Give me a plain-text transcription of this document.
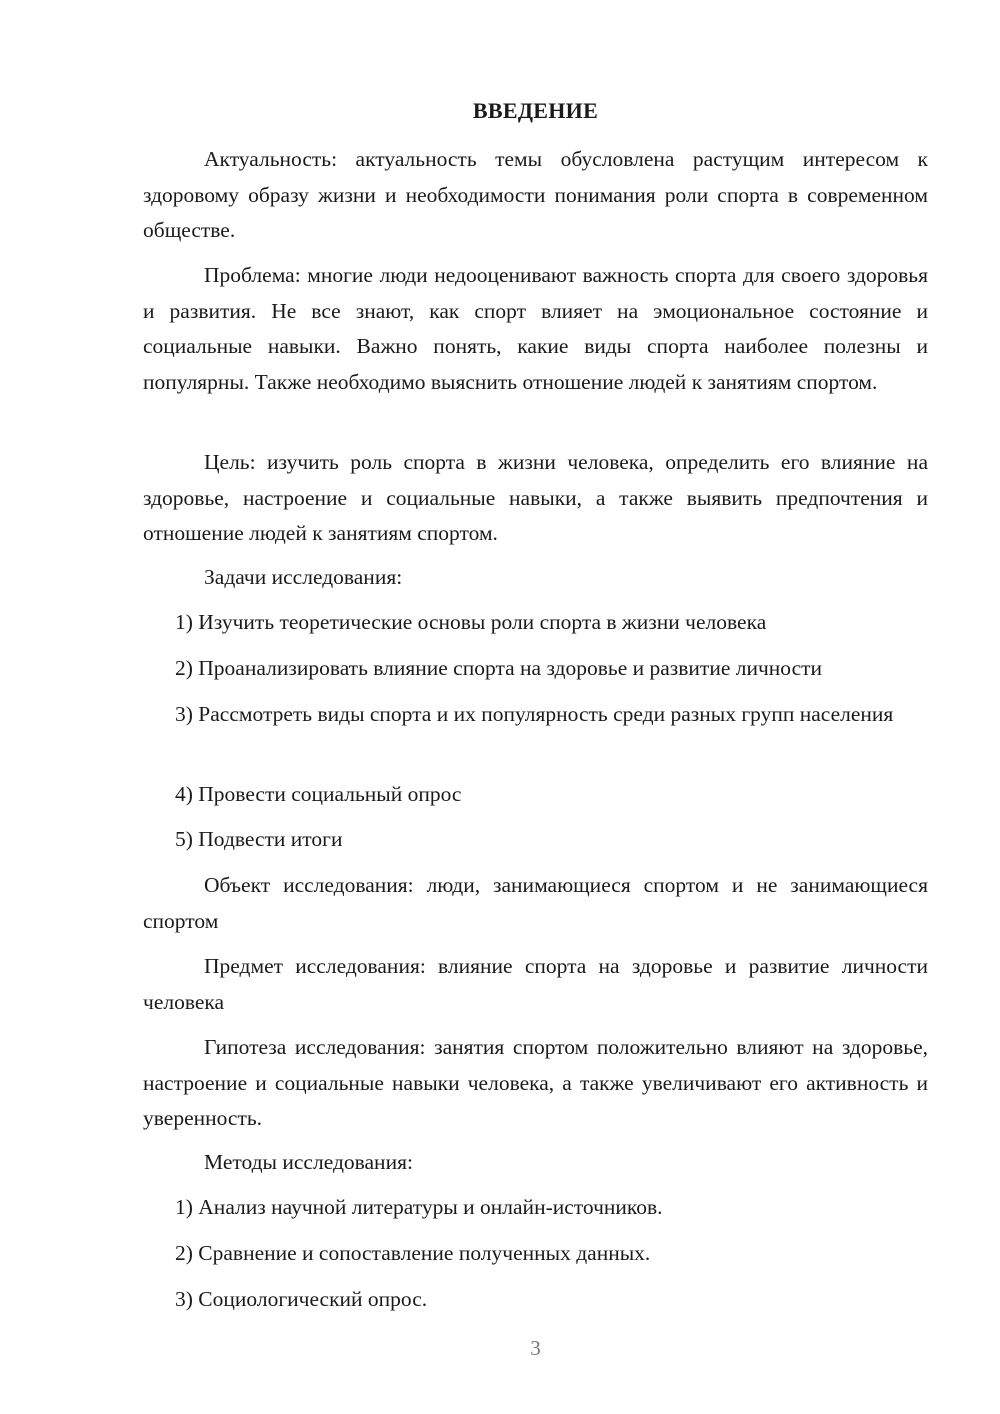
ВВЕДЕНИЕ

Актуальность: актуальность темы обусловлена растущим интересом к здоровому образу жизни и необходимости понимания роли спорта в современном обществе.

Проблема: многие люди недооценивают важность спорта для своего здоровья и развития. Не все знают, как спорт влияет на эмоциональное состояние и социальные навыки. Важно понять, какие виды спорта наиболее полезны и популярны. Также необходимо выяснить отношение людей к занятиям спортом.

Цель: изучить роль спорта в жизни человека, определить его влияние на здоровье, настроение и социальные навыки, а также выявить предпочтения и отношение людей к занятиям спортом.

Задачи исследования:

1) Изучить теоретические основы роли спорта в жизни человека

2) Проанализировать влияние спорта на здоровье и развитие личности

3) Рассмотреть виды спорта и их популярность среди разных групп населения

4) Провести социальный опрос

5) Подвести итоги

Объект исследования: люди, занимающиеся спортом и не занимающиеся спортом

Предмет исследования: влияние спорта на здоровье и развитие личности человека

Гипотеза исследования: занятия спортом положительно влияют на здоровье, настроение и социальные навыки человека, а также увеличивают его активность и уверенность.

Методы исследования:

1) Анализ научной литературы и онлайн-источников.

2) Сравнение и сопоставление полученных данных.

3) Социологический опрос.

3
